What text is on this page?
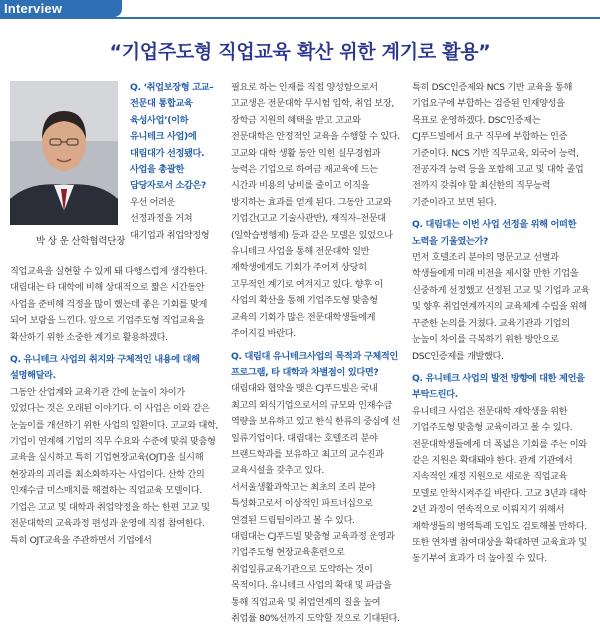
Interview
“기업주도형 직업교육 확산 위한 계기로 활용”
박 상 운 산학협력단장

Q. ‘취업보장형 고교–전문대 통합교육 육성사업’(이하 유니테크 사업)에 대림대가 선정됐다. 사업을 총괄한 담당자로서 소감은?

우선 어려운 선정과정을 거쳐 대기업과 취업약정형

직업교육을 실현할 수 있게 돼 다행스럽게 생각한다. 대림대는 타 대학에 비해 상대적으로 짧은 시간동안 사업을 준비해 걱정을 많이 했는데 좋은 기회를 맞게 되어 보람을 느낀다. 앞으로 기업주도형 직업교육을 확산하기 위한 소중한 계기로 활용하겠다.

Q. 유니테크 사업의 취지와 구체적인 내용에 대해 설명해달라.

그동안 산업계와 교육기관 간에 눈높이 차이가 있었다는 것은 오래된 이야기다. 이 사업은 이와 같은 눈높이를 개선하기 위한 사업의 일환이다. 고교와 대학, 기업이 연계해 기업의 직무 수요와 수준에 맞춰 맞춤형 교육을 실시하고 특히 기업현장교육(OJT)을 실시해 현장과의 괴리를 최소화하자는 사업이다. 산학 간의 인재수급 미스매치를 해결하는 직업교육 모델이다. 기업은 고교 및 대학과 취업약정을 하는 한편 고교 및 전문대학의 교육과정 편성과 운영에 직접 참여한다. 특히 OJT교육을 주관하면서 기업에서

필요로 하는 인재를 직접 양성함으로서 고교생은 전문대학 무시험 입학, 취업 보장, 장학금 지원의 혜택을 받고 고교와 전문대학은 안정적인 교육을 수행할 수 있다. 고교와 대학 생활 동안 익힌 실무경험과 능력은 기업으로 하여금 재교육에 드는 시간과 비용의 낭비를 줄이고 이직을 방지하는 효과를 얻게 된다. 그동안 고교와 기업간(고교 기술사관반), 재직자–전문대(일학습병행제) 등과 같은 모델은 있었으나 유니테크 사업을 통해 전문대학 일반 재학생에게도 기회가 주어져 상당히 고무적인 계기로 여겨지고 있다. 향후 이 사업의 확산을 통해 기업주도형 맞춤형 교육의 기회가 많은 전문대학생들에게 주어지길 바란다.

Q. 대림대 유니테크사업의 목적과 구체적인 프로그램, 타 대학과 차별점이 있다면?

대림대와 협약을 맺은 CJ푸드빌은 국내 최고의 외식기업으로서의 규모와 인재수급 역량을 보유하고 있고 한식 한류의 중심에 선 일류기업이다. 대림대는 호텔조리 분야 브랜드학과를 보유하고 최고의 교수진과 교육시설을 갖추고 있다. 서서울생활과학고는 최초의 조리 분야 특성화고로서 이상적인 파트너십으로 연결된 드림팀이라고 볼 수 있다.

대림대는 CJ푸드빌 맞춤형 교육과정 운영과 기업주도형 현장교육훈련으로 취업일류교육기관으로 도약하는 것이 목적이다. 유니테크 사업의 확대 및 파급을 통해 직업교육 및 취업연계의 질을 높여 취업률 80%선까지 도약할 것으로 기대된다.

특히 DSC인증제와 NCS 기반 교육을 통해 기업요구에 부합하는 검증된 인재양성을 목표로 운영하겠다. DSC인증제는 CJ푸드빌에서 요구 직무에 부합하는 인증 기준이다. NCS 기반 직무교육, 외국어 능력, 전공자격 능력 등을 포함해 고교 및 대학 졸업 전까지 갖춰야 할 최신한의 직무능력 기준이라고 보면 된다.

Q. 대림대는 이번 사업 선정을 위해 어떠한 노력을 기울였는가?

먼저 호텔조리 분야의 명문고교 선별과 학생들에게 미래 비전을 제시할 만한 기업을 신중하게 선정했고 선정된 고교 및 기업과 교육 및 향후 취업연계까지의 교육체계 수립을 위해 꾸준한 논의를 거쳤다. 교육기관과 기업의 눈높이 차이를 극복하기 위한 방안으로 DSC인증제를 개발했다.

Q. 유니테크 사업의 발전 방향에 대한 제언을 부탁드린다.

유니테크 사업은 전문대학 재학생을 위한 기업주도형 맞춤형 교육이라고 볼 수 있다. 전문대학생들에게 더 폭넓은 기회를 주는 이와 같은 지원은 확대돼야 한다. 관계 기관에서 지속적인 재정 지원으로 새로운 직업교육 모델로 안착시켜주길 바란다. 고교 3년과 대학 2년 과정이 연속적으로 이뤄지기 위해서 재학생들의 병역특례 도입도 검토해볼 만하다. 또한 연차별 참여대상을 확대하면 교육효과 및 동기부여 효과가 더 높아질 수 있다.
